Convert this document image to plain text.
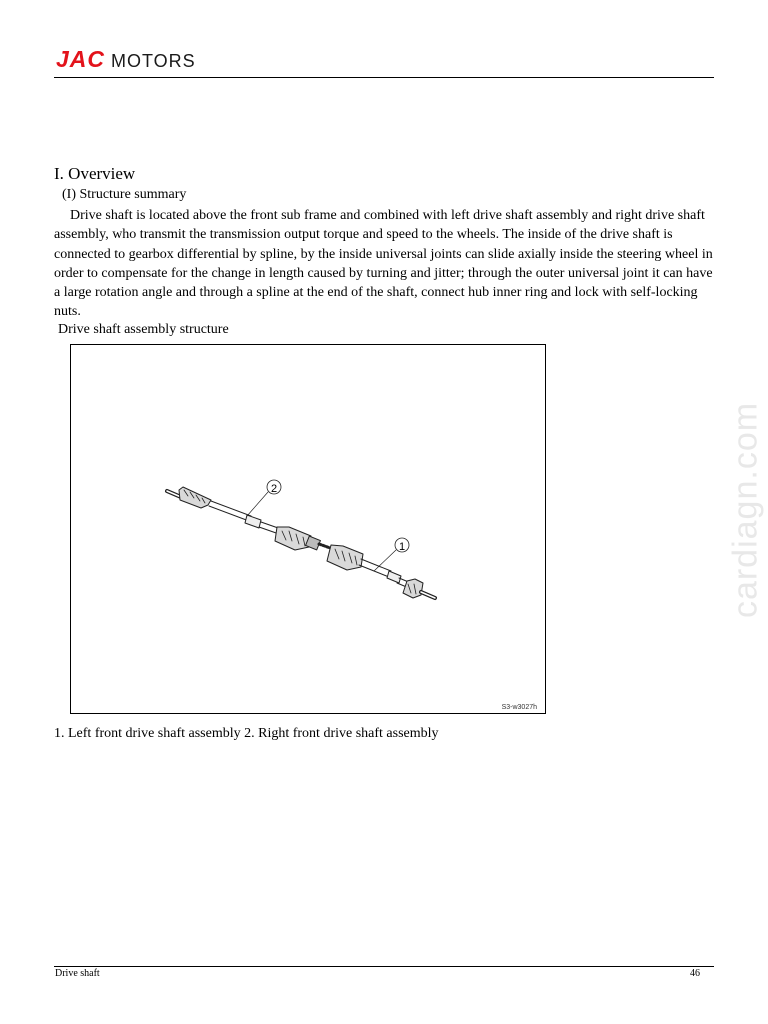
JAC MOTORS
I. Overview
(I) Structure summary

Drive shaft is located above the front sub frame and combined with left drive shaft assembly and right drive shaft assembly, who transmit the transmission output torque and speed to the wheels. The inside of the drive shaft is connected to gearbox differential by spline, by the inside universal joints can slide axially inside the steering wheel in order to compensate for the change in length caused by turning and jitter; through the outer universal joint it can have a large rotation angle and through a spline at the end of the shaft, connect hub inner ring and lock with self-locking nuts.

Drive shaft assembly structure
2
1
S3-w3027h
1. Left front drive shaft assembly 2. Right front drive shaft assembly
cardiagn.com
Drive shaft	46
